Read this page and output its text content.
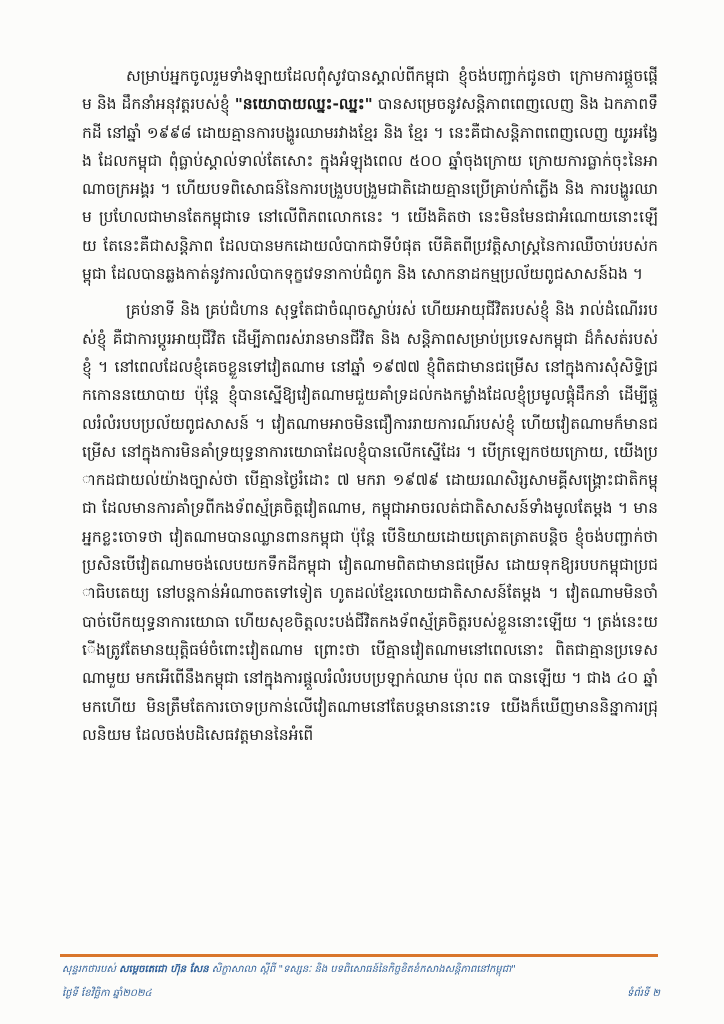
សម្រាប់អ្នកចូលរួមទាំងឡាយដែលពុំសូវបានស្គាល់ពីកម្ពុជា ខ្ញុំចង់បញ្ជាក់ជូនថា ក្រោមការផ្តួចផ្តើម និង ដឹកនាំអនុវត្តរបស់ខ្ញុំ "នយោបាយឈ្នះ-ឈ្នះ" បានសម្រេចនូវសន្តិភាពពេញលេញ និង ឯកភាពទឹកដី នៅឆ្នាំ ១៩៩៨ ដោយគ្មានការបង្ហូរឈាមរវាងខ្មែរ និង ខ្មែរ ។ នេះគឺជាសន្តិភាពពេញលេញ យូរអង្វែង ដែលកម្ពុជា ពុំធ្លាប់ស្គាល់ទាល់តែសោះ ក្នុងអំឡុងពេល ៥០០ ឆ្នាំចុងក្រោយ ក្រោយការធ្លាក់ចុះនៃអាណាចក្រអង្គរ ។ ហើយបទពិសោធន៍នៃការបង្រួបបង្រួមជាតិដោយគ្មានប្រើគ្រាប់កាំភ្លើង និង ការបង្ហូរឈាម ប្រហែលជាមានតែកម្ពុជាទេ នៅលើពិភពលោកនេះ ។ យើងគិតថា នេះមិនមែនជាអំណោយនោះឡើយ តែនេះគឺជាសន្តិភាព ដែលបានមកដោយលំបាកជាទីបំផុត បើគិតពីប្រវត្តិសាស្ត្រនៃការឈឺចាប់របស់កម្ពុជា ដែលបានឆ្លងកាត់នូវការលំបាកទុក្ខវេទនាកាប់ជំពូក និង សោកនាដកម្មប្រល័យពូជសាសន៍ឯង ។

គ្រប់នាទី និង គ្រប់ជំហាន សុទ្ធតែជាចំណុចស្លាប់រស់ ហើយអាយុជីវិតរបស់ខ្ញុំ និង រាល់ដំណើររបស់ខ្ញុំ គឺជាការប្តូរអាយុជីវិត ដើម្បីភាពរស់រានមានជីវិត និង សន្តិភាពសម្រាប់ប្រទេសកម្ពុជា ដ៏កំសត់របស់ខ្ញុំ ។ នៅពេលដែលខ្ញុំគេចខ្លួនទៅវៀតណាម នៅឆ្នាំ ១៩៧៧ ខ្ញុំពិតជាមានជម្រើស នៅក្នុងការសុំសិទ្ធិជ្រកកោននយោបាយ ប៉ុន្តែ ខ្ញុំបានស្នើឱ្យវៀតណាមជួយគាំទ្រដល់កងកម្លាំងដែលខ្ញុំប្រមូលផ្តុំដឹកនាំ ដើម្បីផ្តួលរំលំរបបប្រល័យពូជសាសន៍ ។ វៀតណាមអាចមិនជឿការរាយការណ៍របស់ខ្ញុំ ហើយវៀតណាមក៏មានជម្រើស នៅក្នុងការមិនគាំទ្រយុទ្ធនាការយោធាដែលខ្ញុំបានលើកស្នើដែរ ។ បើក្រឡេកថយក្រោយ, យើងប្រាកដជាយល់យ៉ាងច្បាស់ថា បើគ្មានថ្ងៃរំដោះ ៧ មករា ១៩៧៩ ដោយរណសិរ្សសាមគ្គីសង្គ្រោះជាតិកម្ពុជា ដែលមានការគាំទ្រពីកងទ័ពស្ម័គ្រចិត្តវៀតណាម, កម្ពុជាអាចរលត់ជាតិសាសន៍ទាំងមូលតែម្តង ។ មានអ្នកខ្លះចោទថា វៀតណាមបានឈ្លានពានកម្ពុជា ប៉ុន្តែ បើនិយាយដោយត្រោតត្រាតបន្តិច ខ្ញុំចង់បញ្ជាក់ថា ប្រសិនបើវៀតណាមចង់លេបយកទឹកដីកម្ពុជា វៀតណាមពិតជាមានជម្រើស ដោយទុកឱ្យរបបកម្ពុជាប្រជាធិបតេយ្យ នៅបន្តកាន់អំណាចតទៅទៀត ហូតដល់ខ្មែរលោយជាតិសាសន៍តែម្តង ។ វៀតណាមមិនចាំបាច់បើកយុទ្ធនាការយោធា ហើយសុខចិត្តលះបង់ជីវិតកងទ័ពស្ម័គ្រចិត្តរបស់ខ្លួននោះឡើយ ។ ត្រង់នេះយើងត្រូវតែមានយុត្តិធម៌ចំពោះវៀតណាម ព្រោះថា បើគ្មានវៀតណាមនៅពេលនោះ ពិតជាគ្មានប្រទេសណាមួយ មកអើពើនឹងកម្ពុជា នៅក្នុងការផ្តួលរំលំរបបប្រឡាក់ឈាម ប៉ុល ពត បានឡើយ ។ ជាង ៤០ ឆ្នាំមកហើយ មិនត្រឹមតែការចោទប្រកាន់លើវៀតណាមនៅតែបន្តមាននោះទេ យើងក៏ឃើញមាននិន្នាការជ្រុលនិយម ដែលចង់បដិសេធវត្តមាននៃអំពើ

សុន្ទរកថារបស់ សម្តេចតេជោ ហ៊ុន សែន សិក្ខាសាលា ស្តីពី "ទស្សនៈ និង បទពិសោធន៍នៃកិច្ចខិតខំកសាងសន្តិភាពនៅកម្ពុជា"
ថ្ងៃទី ខែវិច្ឆិកា ឆ្នាំ២០២៤	ទំព័រទី ២
